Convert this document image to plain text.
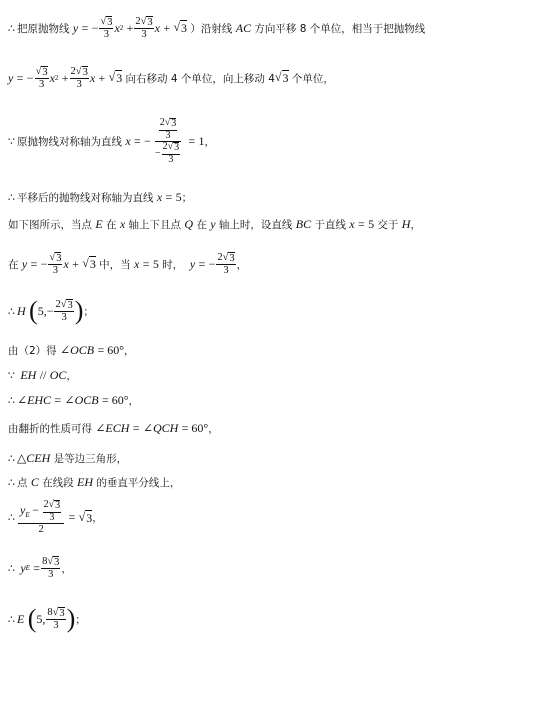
∴ 把原抛物线 y
=
− $\frac{√ 3}{3}$ x 2
+ $\frac{2√ 3}{3}$ x
+
√ 3 ）沿射线 AC 方向平移 8 个单位，相当于把抛物线
y
=
− $\frac{√ 3}{3}$ x 2
+ $\frac{2√ 3}{3}$ x
+
√ 3 向右移动 4 个单位，向上移动 4 √ 3 个单位，
∵ 原抛物线对称轴为直线 x
=
− $\frac{\frac{2√ 3}{3}}{- \frac{2√ 3}{3}}$
=
1 ，
∴ 平移后的抛物线对称轴为直线 x
=
5 ；
如下图所示，当点 E 在 x 轴上下且点 Q 在 y 轴上时，设直线 BC 于直线 x
=
5 交于 H ，
在 y
=
− $\frac{√ 3}{3}$ x
+
√ 3 中，当 x
=
5 时， y
=
− $\frac{2√ 3}{3}$ ，
∴ H
( 5, − $\frac{2√ 3}{3}$ ) ；
由（2）得 ∠ OCB
= 60° ，
∵
EH
//
OC ，
∴ ∠ EHC
=
∠ OCB
= 60° ，
由翻折的性质可得 ∠ ECH
=
∠ QCH
= 60° ，
∴ △ CEH 是等边三角形，
∴ 点 C 在线段 EH 的垂直平分线上，
∴ $\frac{y_E - \frac{2√ 3}{3}}{2}$
=
√ 3 ，
∴
y E
= $\frac{8√ 3}{3}$ ，
∴ E
( 5, $\frac{8√ 3}{3}$ ) ；
